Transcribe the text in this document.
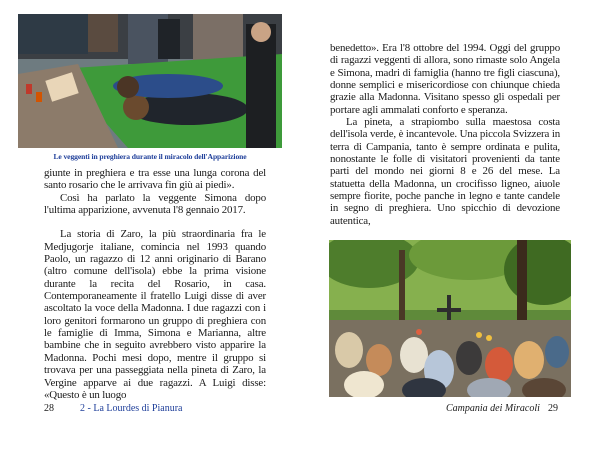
Le veggenti in preghiera durante il miracolo dell'Apparizione

giunte in preghiera e tra esse una lunga corona del santo rosario che le arrivava fin giù ai piedi».

Così ha parlato la veggente Simona dopo l'ultima apparizione, avvenuta l'8 gennaio 2017.

La storia di Zaro, la più straordinaria fra le Medjugorje italiane, comincia nel 1993 quando Paolo, un ragazzo di 12 anni originario di Barano (altro comune dell'isola) ebbe la prima visione durante la recita del Rosario, in casa. Contemporaneamente il fratello Luigi disse di aver ascoltato la voce della Madonna. I due ragazzi con i loro genitori formarono un gruppo di preghiera con le famiglie di Imma, Simona e Marianna, altre bambine che in seguito avrebbero visto apparire la Madonna. Pochi mesi dopo, mentre il gruppo si trovava per una passeggiata nella pineta di Zaro, la Vergine apparve ai due ragazzi. A Luigi disse: «Questo è un luogo

benedetto». Era l'8 ottobre del 1994. Oggi del gruppo di ragazzi veggenti di allora, sono rimaste solo Angela e Simona, madri di famiglia (hanno tre figli ciascuna), donne semplici e misericordiose con chiunque chieda grazie alla Madonna. Visitano spesso gli ospedali per portare agli ammalati conforto e speranza.

La pineta, a strapiombo sulla maestosa costa dell'isola verde, è incantevole. Una piccola Svizzera in terra di Campania, tanto è sempre ordinata e pulita, nonostante le folle di visitatori provenienti da tante parti del mondo nei giorni 8 e 26 del mese. La statuetta della Madonna, un crocifisso ligneo, aiuole sempre fiorite, poche panche in legno e tante candele in segno di preghiera. Uno spicchio di devozione autentica,

28	2 - La Lourdes di Pianura	Campania dei Miracoli 29
